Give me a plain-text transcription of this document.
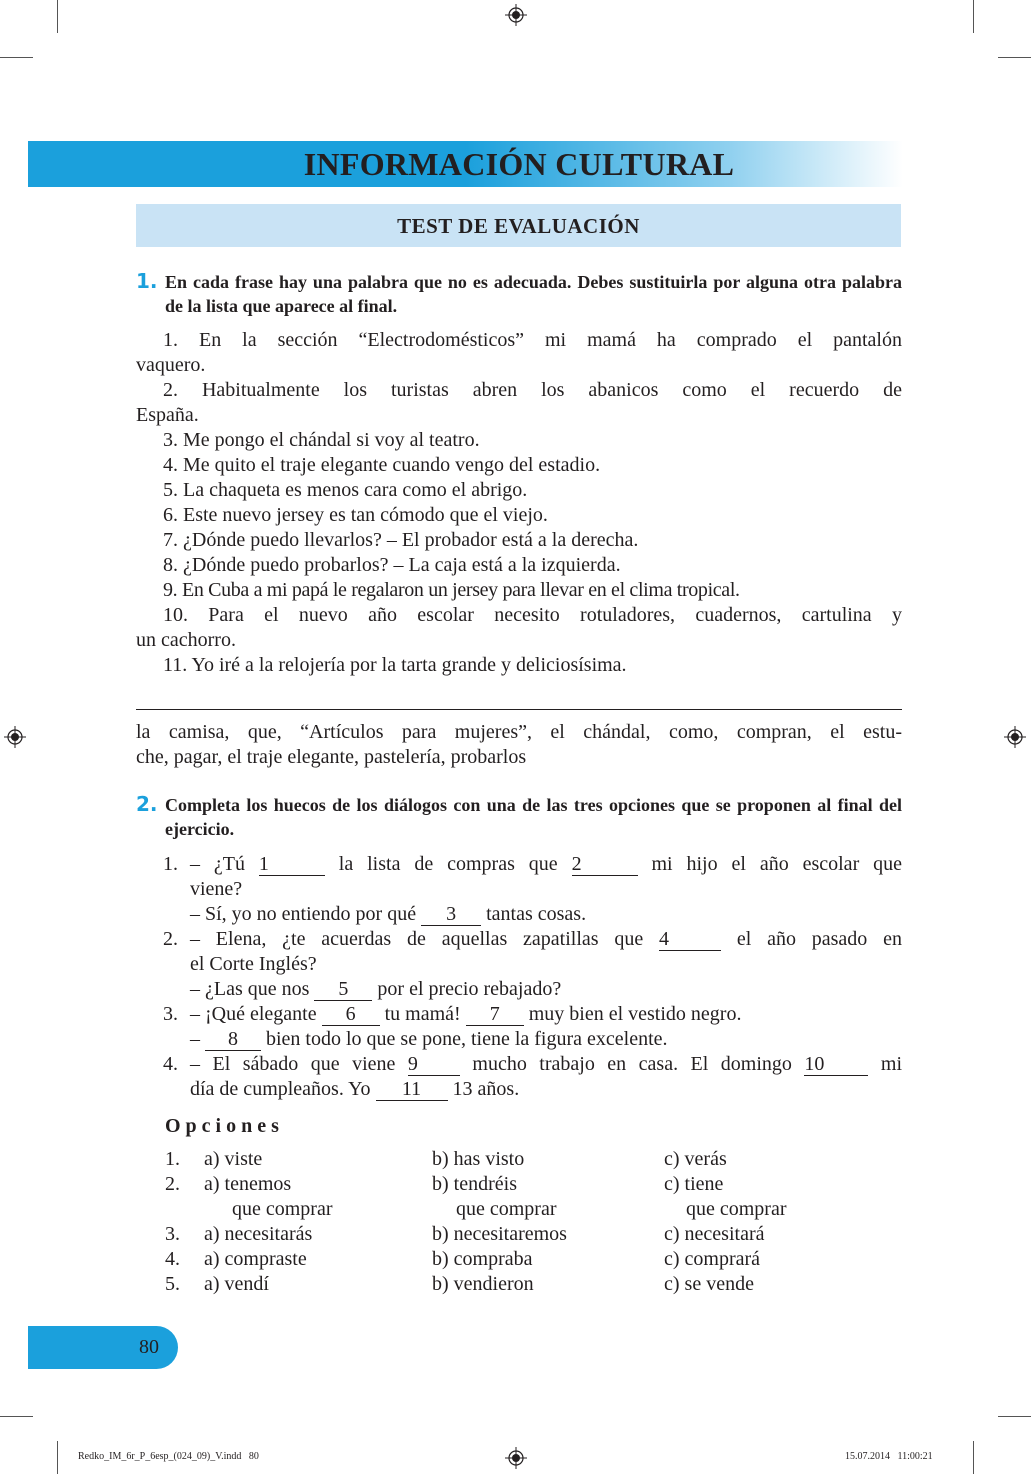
INFORMACIÓN CULTURAL
TEST DE EVALUACIÓN
1. En cada frase hay una palabra que no es adecuada. Debes sustituirla por alguna otra palabra de la lista que aparece al final.
1. En la sección “Electrodomésticos” mi mamá ha comprado el pantalón
vaquero.
2. Habitualmente los turistas abren los abanicos como el recuerdo de
España.
3. Me pongo el chándal si voy al teatro.
4. Me quito el traje elegante cuando vengo del estadio.
5. La chaqueta es menos cara como el abrigo.
6. Este nuevo jersey es tan cómodo que el viejo.
7. ¿Dónde puedo llevarlos? – El probador está a la derecha.
8. ¿Dónde puedo probarlos? – La caja está a la izquierda.
9. En Cuba a mi papá le regalaron un jersey para llevar en el clima tropical.
10. Para el nuevo año escolar necesito rotuladores, cuadernos, cartulina y
un cachorro.
11. Yo iré a la relojería por la tarta grande y deliciosísima.
la camisa, que, “Artículos para mujeres”, el chándal, como, compran, el estu-
che, pagar, el traje elegante, pastelería, probarlos
2. Completa los huecos de los diálogos con una de las tres opciones que se proponen al final del ejercicio.
1. – ¿Tú 1	la lista de compras que 2	mi hijo el año escolar que
viene?
– Sí, yo no entiendo por qué 3 tantas cosas.
2. – Elena, ¿te acuerdas de aquellas zapatillas que 4	el año pasado en
el Corte Inglés?
– ¿Las que nos 5 por el precio rebajado?
3. – ¡Qué elegante 6 tu mamá! 7 muy bien el vestido negro.
– 8 bien todo lo que se pone, tiene la figura excelente.
4. – El sábado que viene 9 mucho trabajo en casa. El domingo 10 mi
día de cumpleaños. Yo 11 13 años.
Opciones
1. a) viste	b) has visto	c) verás
2. a) tenemos	b) tendréis	c) tiene
que comprar	que comprar	que comprar
3. a) necesitarás	b) necesitaremos	c) necesitará
4. a) compraste	b) compraba	c) comprará
5. a) vendí	b) vendieron	c) se vende
80
Redko_IM_6r_P_6esp_(024_09)_V.indd   80	15.07.2014   11:00:21
